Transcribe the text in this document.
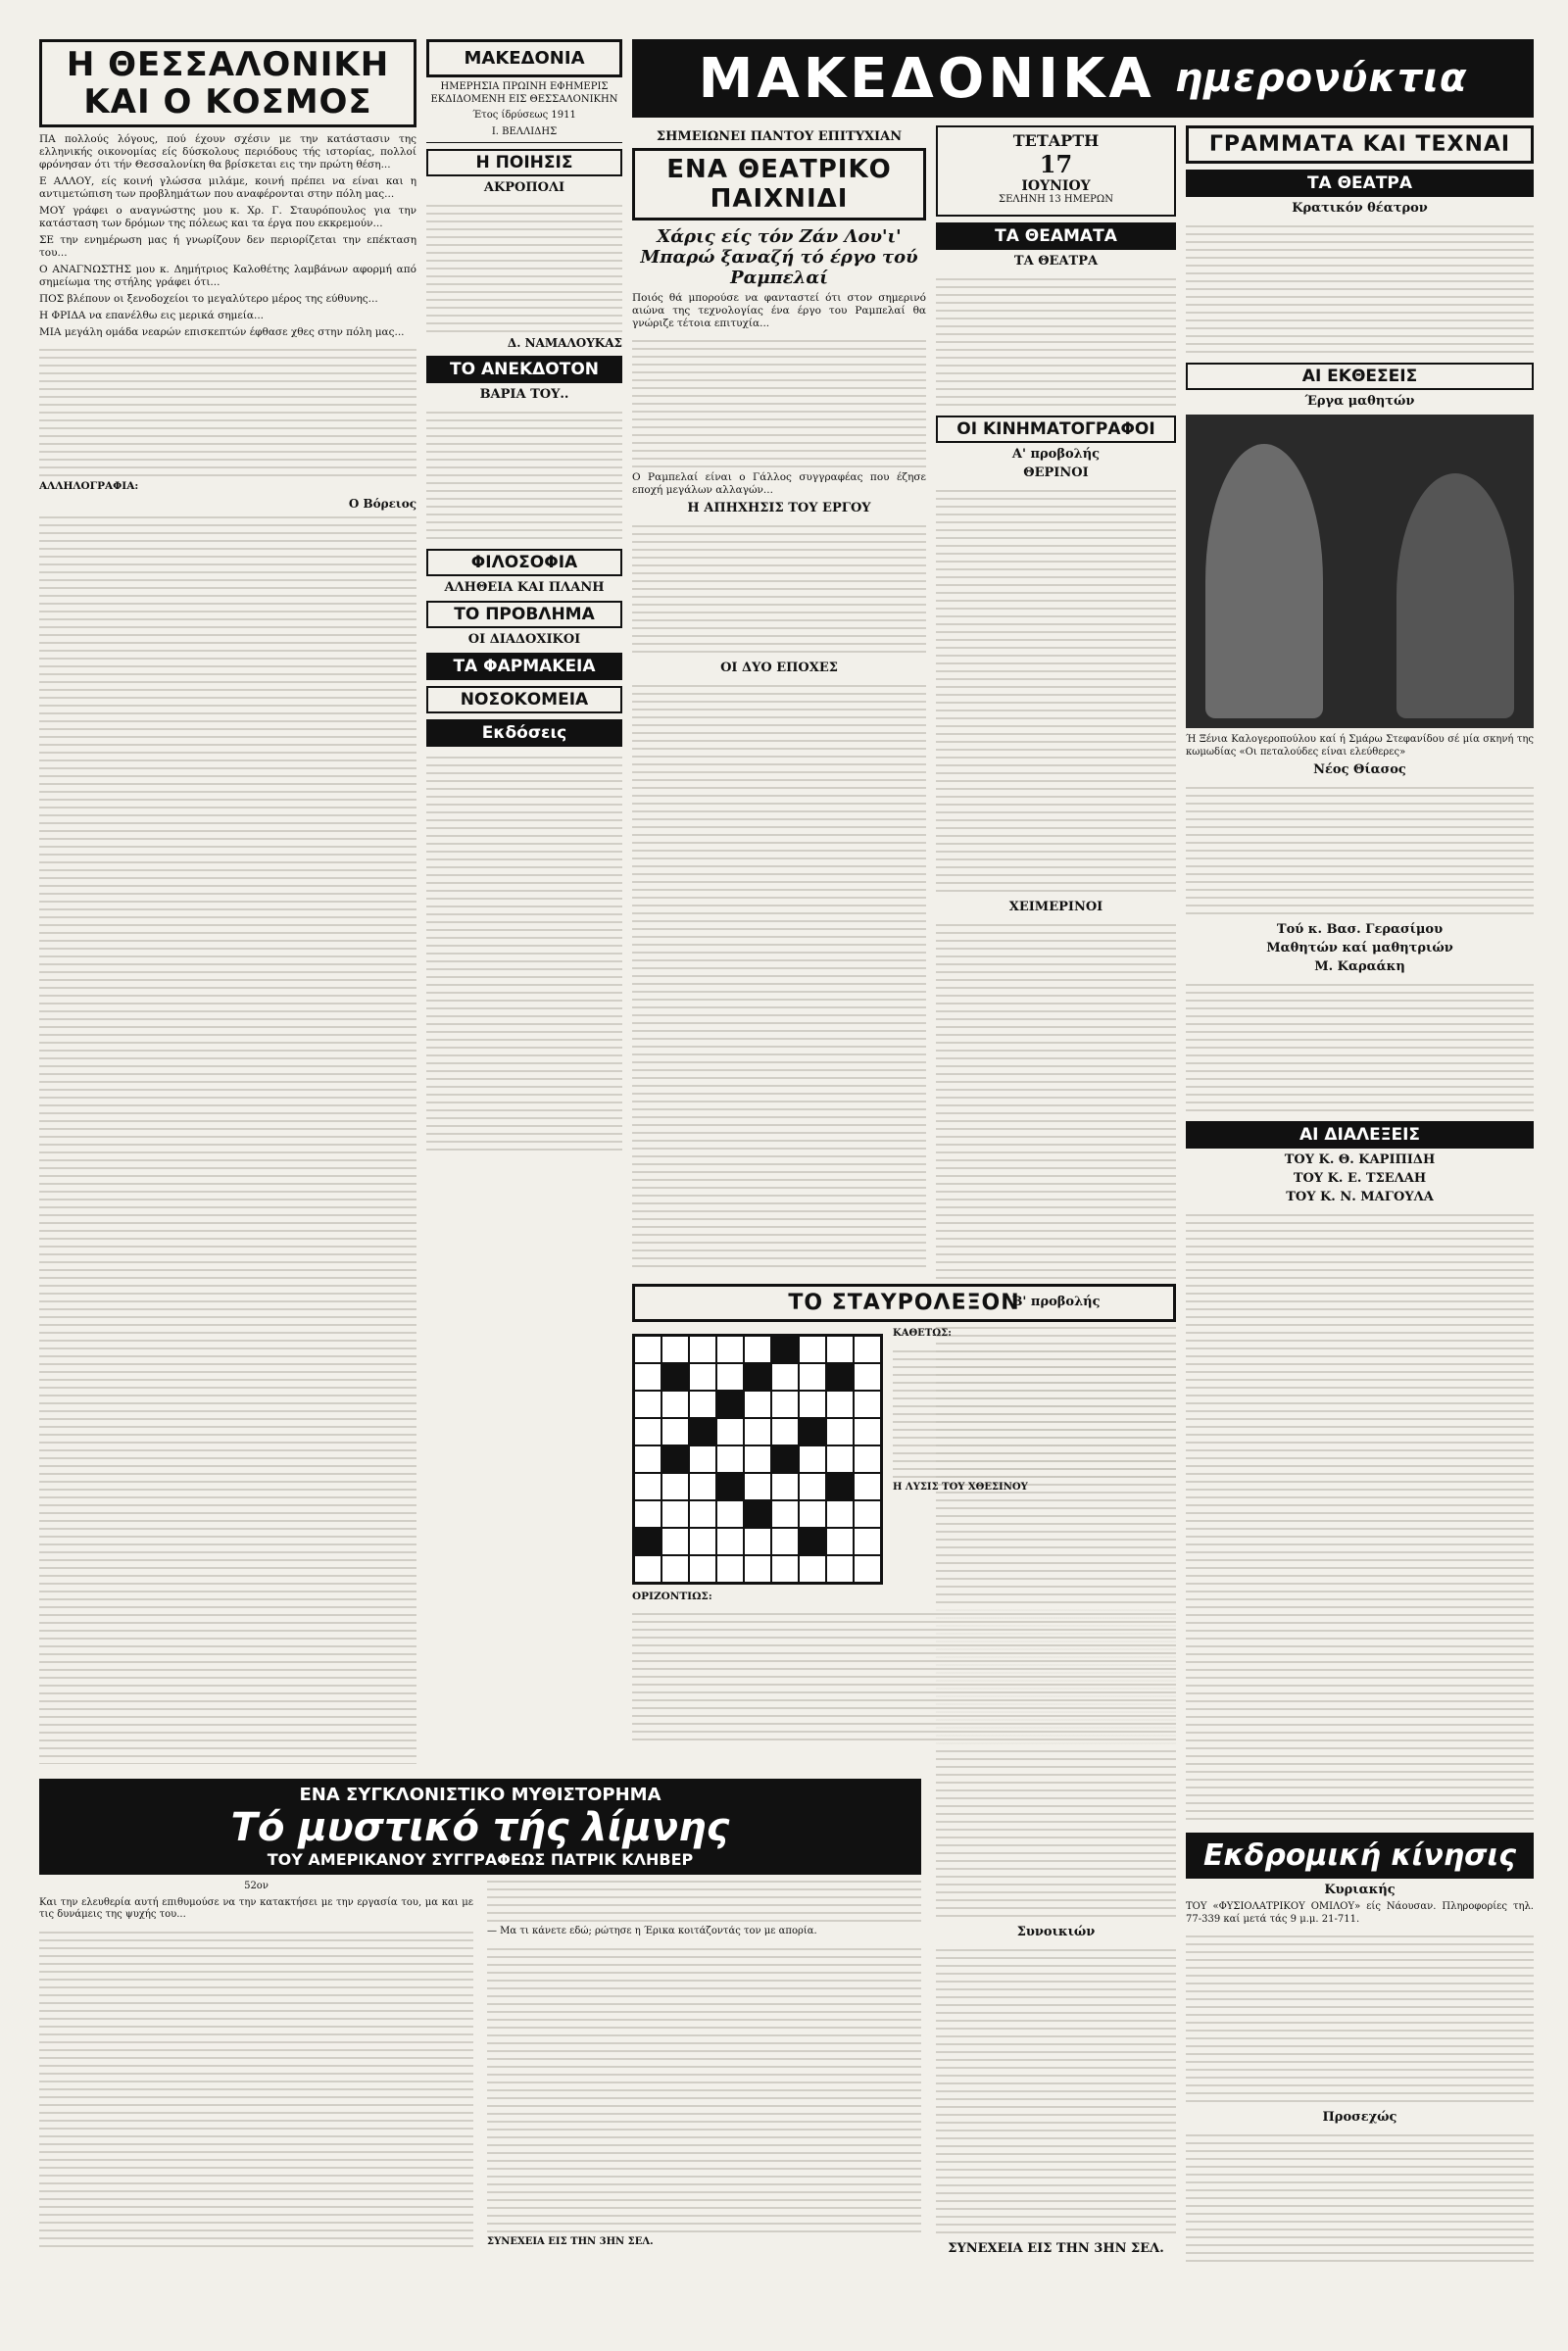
Η ΘΕΣΣΑΛΟΝΙΚΗ ΚΑΙ Ο ΚΟΣΜΟΣ

ΠΑ πολλούς λόγους, πού έχουν σχέσιν με την κατάστασιν της ελληνικής οικονομίας είς δύσκολους περιόδους τής ιστορίας, πολλοί φρόνησαν ότι τήν Θεσσαλονίκη θα βρίσκεται εις την πρώτη θέση...

Ε ΑΛΛΟΥ, είς κοινή γλώσσα μιλάμε, κοινή πρέπει να είναι και η αντιμετώπιση των προβλημάτων που αναφέρονται στην πόλη μας...

ΜΟΥ γράφει ο αναγνώστης μου κ. Χρ. Γ. Σταυρόπουλος για την κατάσταση των δρόμων της πόλεως και τα έργα που εκκρεμούν...

ΣΕ την ενημέρωση μας ή γνωρίζουν δεν περιορίζεται την επέκταση του...

Ο ΑΝΑΓΝΩΣΤΗΣ μου κ. Δημήτριος Καλοθέτης λαμβάνων αφορμή από σημείωμα της στήλης γράφει ότι...

ΠΟΣ βλέπουν οι ξενοδοχείοι το μεγαλύτερο μέρος της εύθυνης...

Η ΦΡΙΔΑ να επανέλθω εις μερικά σημεία...

ΜΙΑ μεγάλη ομάδα νεαρών επισκεπτών έφθασε χθες στην πόλη μας...

ΑΛΛΗΛΟΓΡΑΦΙΑ:

Ο Βόρειος
ΜΑΚΕΔΟΝΙΑ

ΗΜΕΡΗΣΙΑ ΠΡΩΙΝΗ ΕΦΗΜΕΡΙΣ ΕΚΔΙΔΟΜΕΝΗ ΕΙΣ ΘΕΣΣΑΛΟΝΙΚΗΝ

Έτος ίδρύσεως 1911

Ι. ΒΕΛΛΙΔΗΣ

Η ΠΟΙΗΣΙΣ
ΑΚΡΟΠΟΛΙ
Δ. ΝΑΜΑΛΟΥΚΑΣ
ΤΟ ΑΝΕΚΔΟΤΟΝ
ΒΑΡΙΑ ΤΟΥ..
ΦΙΛΟΣΟΦΙΑ
ΑΛΗΘΕΙΑ ΚΑΙ ΠΛΑΝΗ
ΤΟ ΠΡΟΒΛΗΜΑ
ΟΙ ΔΙΑΔΟΧΙΚΟΙ
ΤΑ ΦΑΡΜΑΚΕΙΑ
ΝΟΣΟΚΟΜΕΙΑ
Εκδόσεις
ΜΑΚΕΔΟΝΙΚΑ ημερονύκτια
ΣΗΜΕΙΩΝΕΙ ΠΑΝΤΟΥ ΕΠΙΤΥΧΙΑΝ
ΕΝΑ ΘΕΑΤΡΙΚΟ ΠΑΙΧΝΙΔΙ
Χάρις είς τόν Ζάν Λου'ι' Μπαρώ ξαναζή τό έργο τού Ραμπελαί

Ποιός θά μπορούσε να φανταστεί ότι στον σημερινό αιώνα της τεχνολογίας ένα έργο του Ραμπελαί θα γνώριζε τέτοια επιτυχία...

Ο Ραμπελαί είναι ο Γάλλος συγγραφέας που έζησε εποχή μεγάλων αλλαγών...

Η ΑΠΗΧΗΣΙΣ ΤΟΥ ΕΡΓΟΥ
ΟΙ ΔΥΟ ΕΠΟΧΕΣ
ΤΕΤΑΡΤΗ
17
ΙΟΥΝΙΟΥ

ΣΕΛΗΝΗ 13 ΗΜΕΡΩΝ

ΤΑ ΘΕΑΜΑΤΑ
ΤΑ ΘΕΑΤΡΑ
ΟΙ ΚΙΝΗΜΑΤΟΓΡΑΦΟΙ
Α' προβολής
ΘΕΡΙΝΟΙ
ΧΕΙΜΕΡΙΝΟΙ
Β' προβολής
Συνοικιών
ΣΥΝΕΧΕΙΑ ΕΙΣ ΤΗΝ 3ΗΝ ΣΕΛ.
ΓΡΑΜΜΑΤΑ ΚΑΙ ΤΕΧΝΑΙ
ΤΑ ΘΕΑΤΡΑ
Κρατικόν θέατρον
ΑΙ ΕΚΘΕΣΕΙΣ
Έργα μαθητών

Ή Ξένια Καλογεροπούλου καί ή Σμάρω Στεφανίδου σέ μία σκηνή της κωμωδίας «Οι πεταλούδες είναι ελεύθερες»

Νέος Θίασος
Τού κ. Βασ. Γερασίμου
Μαθητών καί μαθητριών
Μ. Καραάκη
ΑΙ ΔΙΑΛΕΞΕΙΣ
ΤΟΥ Κ. Θ. ΚΑΡΙΠΙΔΗ
ΤΟΥ Κ. Ε. ΤΣΕΛΑΗ
ΤΟΥ Κ. Ν. ΜΑΓΟΥΛΑ
ΤΟ ΣΤΑΥΡΟΛΕΞΟΝ

ΚΑΘΕΤΩΣ:

Η ΛΥΣΙΣ ΤΟΥ ΧΘΕΣΙΝΟΥ

ΟΡΙΖΟΝΤΙΩΣ:

ΕΝΑ ΣΥΓΚΛΟΝΙΣΤΙΚΟ ΜΥΘΙΣΤΟΡΗΜΑ
Τό μυστικό τής λίμνης
ΤΟΥ ΑΜΕΡΙΚΑΝΟΥ ΣΥΓΓΡΑΦΕΩΣ ΠΑΤΡΙΚ ΚΛΗΒΕΡ

52ον

Και την ελευθερία αυτή επιθυμούσε να την κατακτήσει με την εργασία του, μα και με τις δυνάμεις της ψυχής του...

— Μα τι κάνετε εδώ; ρώτησε η Έρικα κοιτάζοντάς τον με απορία.

ΣΥΝΕΧΕΙΑ ΕΙΣ ΤΗΝ 3ΗΝ ΣΕΛ.

Εκδρομική κίνησις
Κυριακής

ΤΟΥ «ΦΥΣΙΟΛΑΤΡΙΚΟΥ ΟΜΙΛΟΥ» είς Νάουσαν. Πληροφορίες τηλ. 77-339 καί μετά τάς 9 μ.μ. 21-711.

Προσεχώς
